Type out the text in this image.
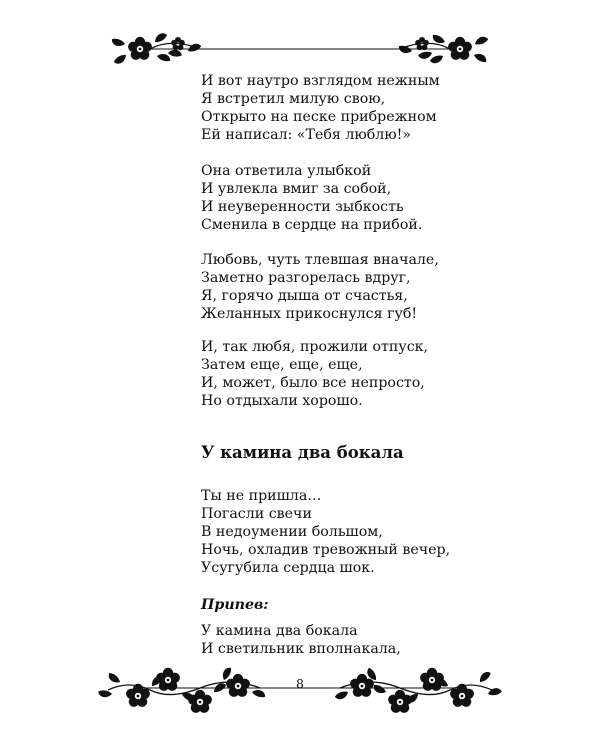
И вот наутро взглядом нежным
Я встретил милую свою,
Открыто на песке прибрежном
Ей написал: «Тебя люблю!»
Она ответила улыбкой
И увлекла вмиг за собой,
И неуверенности зыбкость
Сменила в сердце на прибой.
Любовь, чуть тлевшая вначале,
Заметно разгорелась вдруг,
Я, горячо дыша от счастья,
Желанных прикоснулся губ!
И, так любя, прожили отпуск,
Затем еще, еще, еще,
И, может, было все непросто,
Но отдыхали хорошо.
У камина два бокала
Ты не пришла…
Погасли свечи
В недоумении большом,
Ночь, охладив тревожный вечер,
Усугубила сердца шок.

Припев:

У камина два бокала
И светильник вполнакала,
8
